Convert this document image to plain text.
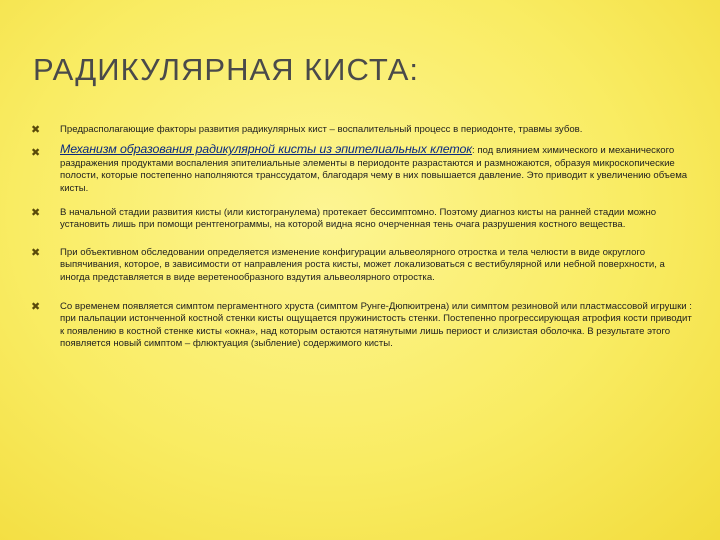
РАДИКУЛЯРНАЯ КИСТА:
✖ Предрасполагающие факторы развития радикулярных кист – воспалительный процесс в периодонте, травмы зубов.
✖ Механизм образования радикулярной кисты из эпителиальных клеток: под влиянием химического и механического раздражения продуктами воспаления эпителиальные элементы в периодонте разрастаются и размножаются, образуя микроскопические полости, которые постепенно наполняются транссудатом, благодаря чему в них повышается давление. Это приводит к увеличению объема кисты.
✖ В начальной стадии развития кисты (или кистогранулема) протекает бессимптомно. Поэтому диагноз кисты на ранней стадии можно установить лишь при помощи рентгенограммы, на которой видна ясно очерченная тень очага разрушения костного вещества.
✖ При объективном обследовании определяется изменение конфигурации альвеолярного отростка и тела челюсти в виде округлого выпячивания, которое, в зависимости от направления роста кисты, может локализоваться с вестибулярной или небной поверхности, а иногда представляется в виде веретенообразного вздутия альвеолярного отростка.
✖ Со временем появляется симптом пергаментного хруста (симптом Рунге-Дюпюитрена) или симптом резиновой или пластмассовой игрушки : при пальпации истонченной костной стенки кисты ощущается пружинистость стенки. Постепенно прогрессирующая атрофия кости приводит к появлению в костной стенке кисты «окна», над которым остаются натянутыми лишь периост и слизистая оболочка. В результате этого появляется новый симптом – флюктуация (зыбление) содержимого кисты.
